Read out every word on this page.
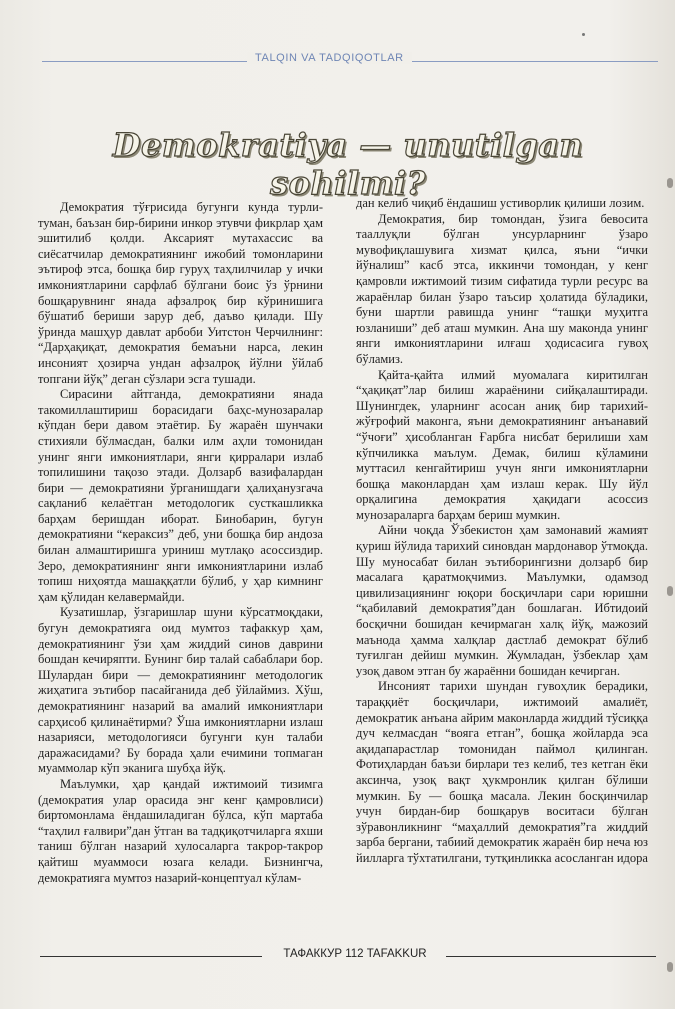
TALQIN VA TADQIQOTLAR
Demokratiya — unutilgan sohilmi?

Демократия тўғрисида бугунги кунда турли-туман, баъзан бир-бирини инкор этувчи фикрлар ҳам эшитилиб қолди. Аксарият мутахассис ва сиёсатчилар демократиянинг ижобий томонларини эътироф этса, бошқа бир гуруҳ таҳлилчилар у ички имкониятларини сарфлаб бўлгани боис ўз ўрнини бошқарувнинг янада афзалроқ бир кўринишига бўшатиб бериши зарур деб, даъво қилади. Шу ўринда машҳур давлат арбоби Уитстон Черчилнинг: “Дарҳақиқат, демократия бемаъни нарса, лекин инсоният ҳозирча ундан афзалроқ йўлни ўйлаб топгани йўқ” деган сўзлари эсга тушади.

Сирасини айтганда, демократияни янада такомиллаштириш борасидаги баҳс-мунозаралар кўпдан бери давом этаётир. Бу жараён шунчаки стихияли бўлмасдан, балки илм аҳли томонидан унинг янги имкониятлари, янги қирралари излаб топилишини тақозо этади. Долзарб вазифалардан бири — демократияни ўрганишдаги ҳалиҳанузгача сақланиб келаётган методологик сусткашликка барҳам беришдан иборат. Бинобарин, бугун демократияни “кераксиз” деб, уни бошқа бир андоза билан алмаштиришга уриниш мутлақо асоссиздир. Зеро, демократиянинг янги имкониятларини излаб топиш ниҳоятда машаққатли бўлиб, у ҳар кимнинг ҳам қўлидан келавермайди.

Кузатишлар, ўзгаришлар шуни кўрсатмоқдаки, бугун демократияга оид мумтоз тафаккур ҳам, демократиянинг ўзи ҳам жиддий синов даврини бошдан кечиряпти. Бунинг бир талай сабаблари бор. Шулардан бири — демократиянинг методологик жиҳатига эътибор пасайганида деб ўйлаймиз. Хўш, демократиянинг назарий ва амалий имкониятлари сарҳисоб қилинаётирми? Ўша имкониятларни излаш назарияси, методологияси бугунги кун талаби даражасидами? Бу борада ҳали ечимини топмаган муаммолар кўп эканига шубҳа йўқ.

Маълумки, ҳар қандай ижтимоий тизимга (демократия улар орасида энг кенг қамровлиси) биртомонлама ёндашиладиган бўлса, кўп мартаба “таҳлил ғалвири”дан ўтган ва тадқиқотчиларга яхши таниш бўлган назарий хулосаларга такрор-такрор қайтиш муаммоси юзага келади. Бизнингча, демократияга мумтоз назарий-концептуал кўлам-

дан келиб чиқиб ёндашиш устиворлик қилиши лозим.

Демократия, бир томондан, ўзига бевосита тааллуқли бўлган унсурларнинг ўзаро мувофиқлашувига хизмат қилса, яъни “ички йўналиш” касб этса, иккинчи томондан, у кенг қамровли ижтимоий тизим сифатида турли ресурс ва жараёнлар билан ўзаро таъсир ҳолатида бўладики, буни шартли равишда унинг “ташқи муҳитга юзланиши” деб аташ мумкин. Ана шу маконда унинг янги имкониятларини илғаш ҳодисасига гувоҳ бўламиз.

Қайта-қайта илмий муомалага киритилган “ҳақиқат”лар билиш жараёнини сийқалаштиради. Шунингдек, уларнинг асосан аниқ бир тарихий-жўғрофий маконга, яъни демократиянинг анъанавий “ўчоғи” ҳисобланган Ғарбга нисбат берилиши хам кўпчиликка маълум. Демак, билиш кўламини муттасил кенгайтириш учун янги имкониятларни бошқа маконлардан ҳам излаш керак. Шу йўл орқалигина демократия ҳақидаги асоссиз мунозараларга барҳам бериш мумкин.

Айни чоқда Ўзбекистон ҳам замонавий жамият қуриш йўлида тарихий синовдан мардонавор ўтмоқда. Шу муносабат билан эътиборингизни долзарб бир масалага қаратмоқчимиз. Маълумки, одамзод цивилизациянинг юқори босқичлари сари юришни “қабилавий демократия”дан бошлаган. Ибтидоий босқични бошидан кечирмаган халқ йўқ, мажозий маънода ҳамма халқлар дастлаб демократ бўлиб туғилган дейиш мумкин. Жумладан, ўзбеклар ҳам узоқ давом этган бу жараённи бошидан кечирган.

Инсоният тарихи шундан гувоҳлик берадики, тараққиёт босқичлари, ижтимоий амалиёт, демократик анъана айрим маконларда жиддий тўсиққа дуч келмасдан “вояга етган”, бошқа жойларда эса ақидапарастлар томонидан паймол қилинган. Фотиҳлардан баъзи бирлари тез келиб, тез кетган ёки аксинча, узоқ вақт ҳукмронлик қилган бўлиши мумкин. Бу — бошқа масала. Лекин босқинчилар учун бирдан-бир бошқарув воситаси бўлган зўравонликнинг “маҳаллий демократия”га жиддий зарба бергани, табиий демократик жараён бир неча юз йилларга тўхтатилгани, тутқинликка асосланган идора

ТАФАККУР 112 TAFAKKUR
